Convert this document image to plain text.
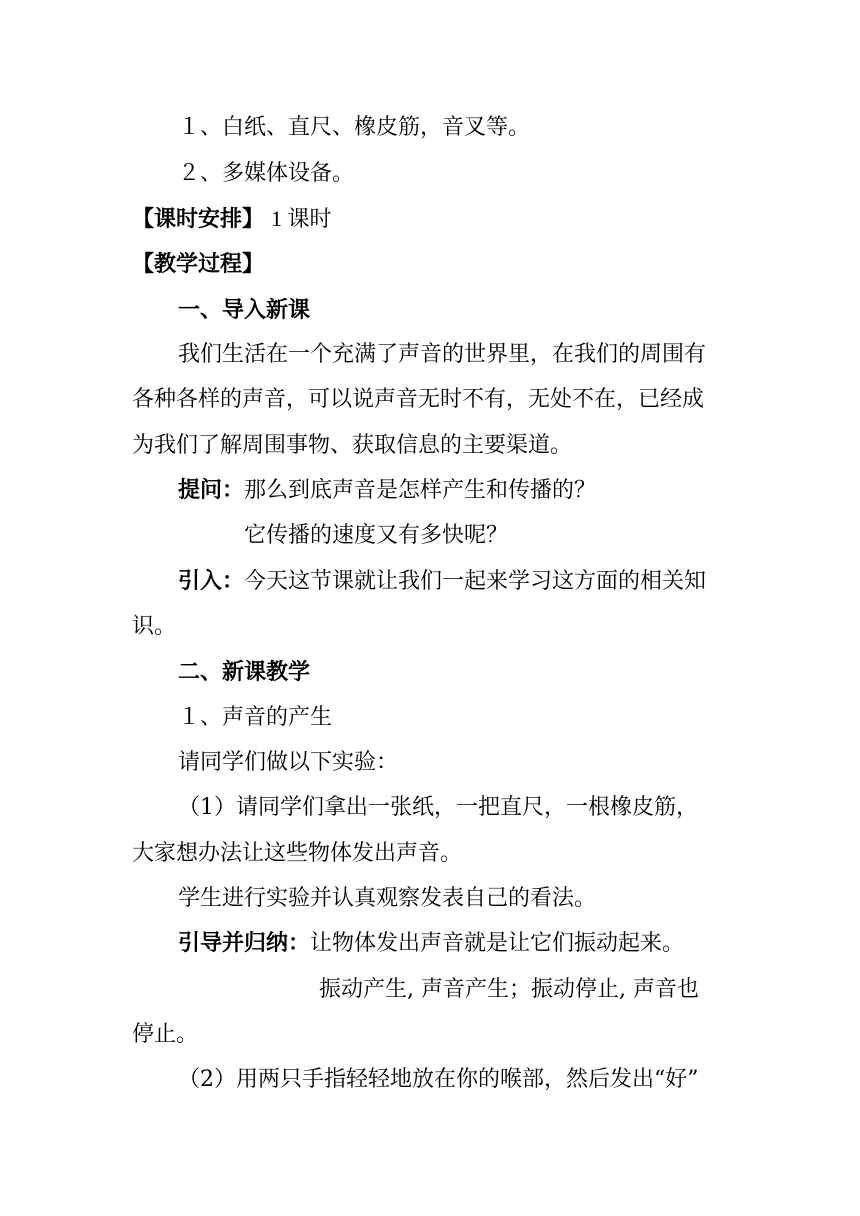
１、白纸、直尺、橡皮筋，音叉等。
２、多媒体设备。
【课时安排】 1 课时
【教学过程】
一、导入新课
我们生活在一个充满了声音的世界里，在我们的周围有
各种各样的声音，可以说声音无时不有，无处不在，已经成
为我们了解周围事物、获取信息的主要渠道。
提问：那么到底声音是怎样产生和传播的？
它传播的速度又有多快呢？
引入：今天这节课就让我们一起来学习这方面的相关知
识。
二、新课教学
１、声音的产生
请同学们做以下实验：
（1）请同学们拿出一张纸，一把直尺，一根橡皮筋，
大家想办法让这些物体发出声音。
学生进行实验并认真观察发表自己的看法。
引导并归纳：让物体发出声音就是让它们振动起来。
振动产生, 声音产生；振动停止, 声音也
停止。
（2）用两只手指轻轻地放在你的喉部，然后发出“好”
